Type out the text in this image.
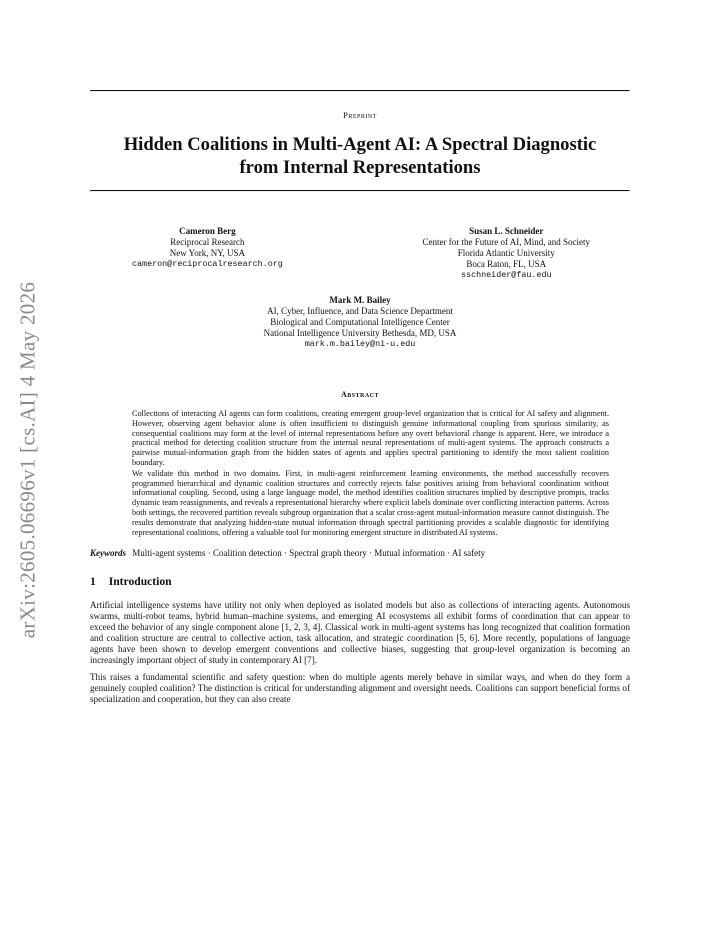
arXiv:2605.06696v1 [cs.AI] 4 May 2026
Preprint
Hidden Coalitions in Multi-Agent AI: A Spectral Diagnostic
from Internal Representations
Cameron Berg
Reciprocal Research
New York, NY, USA
cameron@reciprocalresearch.org
Susan L. Schneider
Center for the Future of AI, Mind, and Society
Florida Atlantic University
Boca Raton, FL, USA
sschneider@fau.edu
Mark M. Bailey
AI, Cyber, Influence, and Data Science Department
Biological and Computational Intelligence Center
National Intelligence University Bethesda, MD, USA
mark.m.bailey@ni-u.edu
Abstract

Collections of interacting AI agents can form coalitions, creating emergent group-level organization that is critical for AI safety and alignment. However, observing agent behavior alone is often insufficient to distinguish genuine informational coupling from spurious similarity, as consequential coalitions may form at the level of internal representations before any overt behavioral change is apparent. Here, we introduce a practical method for detecting coalition structure from the internal neural representations of multi-agent systems. The approach constructs a pairwise mutual-information graph from the hidden states of agents and applies spectral partitioning to identify the most salient coalition boundary.

We validate this method in two domains. First, in multi-agent reinforcement learning environments, the method successfully recovers programmed hierarchical and dynamic coalition structures and correctly rejects false positives arising from behavioral coordination without informational coupling. Second, using a large language model, the method identifies coalition structures implied by descriptive prompts, tracks dynamic team reassignments, and reveals a representational hierarchy where explicit labels dominate over conflicting interaction patterns. Across both settings, the recovered partition reveals subgroup organization that a scalar cross-agent mutual-information measure cannot distinguish. The results demonstrate that analyzing hidden-state mutual information through spectral partitioning provides a scalable diagnostic for identifying representational coalitions, offering a valuable tool for monitoring emergent structure in distributed AI systems.

Keywords Multi-agent systems · Coalition detection · Spectral graph theory · Mutual information · AI safety
1 Introduction

Artificial intelligence systems have utility not only when deployed as isolated models but also as collections of interacting agents. Autonomous swarms, multi-robot teams, hybrid human–machine systems, and emerging AI ecosystems all exhibit forms of coordination that can appear to exceed the behavior of any single component alone [1, 2, 3, 4]. Classical work in multi-agent systems has long recognized that coalition formation and coalition structure are central to collective action, task allocation, and strategic coordination [5, 6]. More recently, populations of language agents have been shown to develop emergent conventions and collective biases, suggesting that group-level organization is becoming an increasingly important object of study in contemporary AI [7].

This raises a fundamental scientific and safety question: when do multiple agents merely behave in similar ways, and when do they form a genuinely coupled coalition? The distinction is critical for understanding alignment and oversight needs. Coalitions can support beneficial forms of specialization and cooperation, but they can also create
